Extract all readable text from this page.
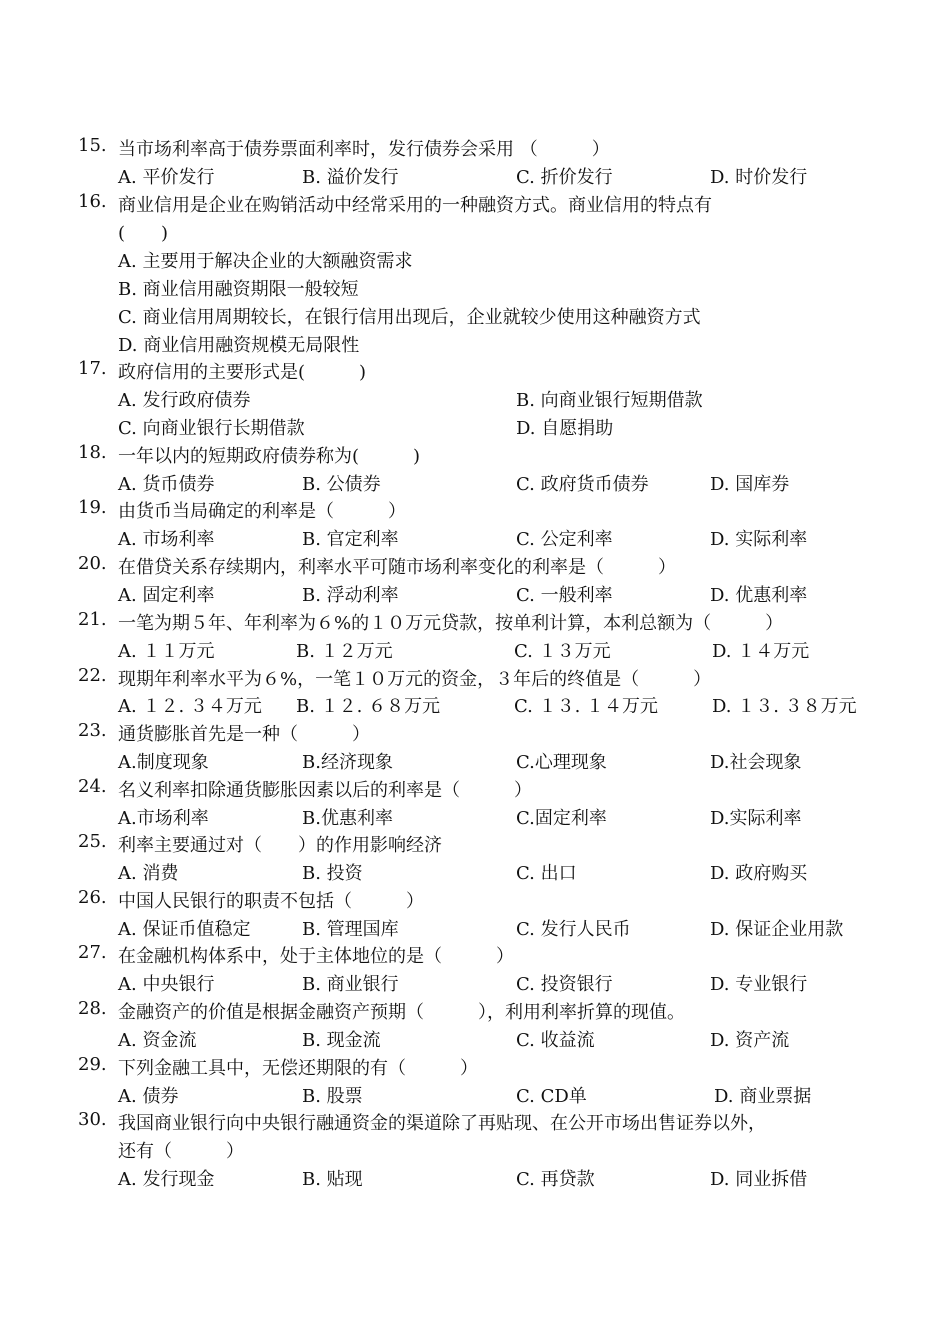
15. 当市场利率高于债券票面利率时，发行债券会采用 （　　　）
A. 平价发行	B. 溢价发行	C. 折价发行	D. 时价发行
16. 商业信用是企业在购销活动中经常采用的一种融资方式。商业信用的特点有
(　　)
A. 主要用于解决企业的大额融资需求
B. 商业信用融资期限一般较短
C. 商业信用周期较长，在银行信用出现后，企业就较少使用这种融资方式
D. 商业信用融资规模无局限性
17. 政府信用的主要形式是(　　　)
A. 发行政府债券	B. 向商业银行短期借款
C. 向商业银行长期借款	D. 自愿捐助
18. 一年以内的短期政府债券称为(　　　)
A. 货币债券	B. 公债券	C. 政府货币债券	D. 国库券
19. 由货币当局确定的利率是（　　　）
A. 市场利率	B. 官定利率	C. 公定利率	D. 实际利率
20. 在借贷关系存续期内，利率水平可随市场利率变化的利率是（　　　）
A. 固定利率	B. 浮动利率	C. 一般利率	D. 优惠利率
21. 一笔为期５年、年利率为６%的１０万元贷款，按单利计算，本利总额为（　　　）
A. １１万元	B. １２万元	C. １３万元	D. １４万元
22. 现期年利率水平为６%，一笔１０万元的资金，３年后的终值是（　　　）
A. １２. ３４万元 B. １２. ６８万元	C. １３. １４万元	D. １３. ３８万元
23. 通货膨胀首先是一种（　　　）
A.制度现象	B.经济现象	C.心理现象	D.社会现象
24. 名义利率扣除通货膨胀因素以后的利率是（　　　）
A.市场利率	B.优惠利率	C.固定利率	D.实际利率
25. 利率主要通过对（　　）的作用影响经济
A. 消费	B. 投资	C. 出口	D. 政府购买
26. 中国人民银行的职责不包括（　　　）
A. 保证币值稳定	B. 管理国库	C. 发行人民币	D. 保证企业用款
27. 在金融机构体系中，处于主体地位的是（　　　）
A. 中央银行	B. 商业银行	C. 投资银行	D. 专业银行
28. 金融资产的价值是根据金融资产预期（　　　），利用利率折算的现值。
A. 资金流	B. 现金流	C. 收益流	D. 资产流
29. 下列金融工具中，无偿还期限的有（　　　）
A. 债券	B. 股票	C. CD单	D. 商业票据
30. 我国商业银行向中央银行融通资金的渠道除了再贴现、在公开市场出售证券以外，
还有（　　　）
A. 发行现金	B. 贴现	C. 再贷款	D. 同业拆借
